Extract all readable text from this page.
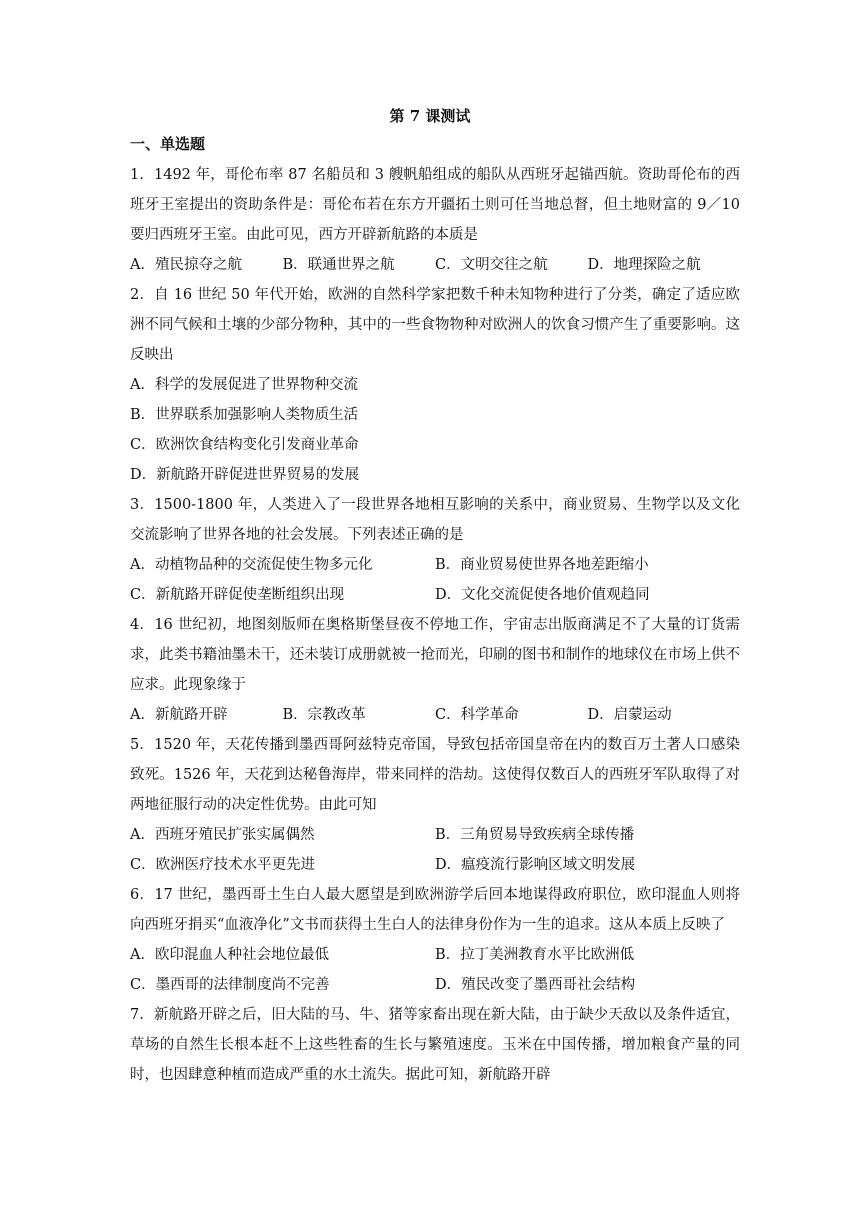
第 7 课测试
一、单选题
1．1492 年，哥伦布率 87 名船员和 3 艘帆船组成的船队从西班牙起锚西航。资助哥伦布的西班牙王室提出的资助条件是：哥伦布若在东方开疆拓土则可任当地总督，但土地财富的 9／10 要归西班牙王室。由此可见，西方开辟新航路的本质是
A．殖民掠夺之航	B．联通世界之航	C．文明交往之航	D．地理探险之航
2．自 16 世纪 50 年代开始，欧洲的自然科学家把数千种未知物种进行了分类，确定了适应欧洲不同气候和土壤的少部分物种，其中的一些食物物种对欧洲人的饮食习惯产生了重要影响。这反映出
A．科学的发展促进了世界物种交流
B．世界联系加强影响人类物质生活
C．欧洲饮食结构变化引发商业革命
D．新航路开辟促进世界贸易的发展
3．1500-1800 年，人类进入了一段世界各地相互影响的关系中，商业贸易、生物学以及文化交流影响了世界各地的社会发展。下列表述正确的是
A．动植物品种的交流促使生物多元化	B．商业贸易使世界各地差距缩小
C．新航路开辟促使垄断组织出现	D．文化交流促使各地价值观趋同
4．16 世纪初，地图刻版师在奥格斯堡昼夜不停地工作，宇宙志出版商满足不了大量的订货需求，此类书籍油墨未干，还未装订成册就被一抢而光，印刷的图书和制作的地球仪在市场上供不应求。此现象缘于
A．新航路开辟	B．宗教改革	C．科学革命	D．启蒙运动
5．1520 年，天花传播到墨西哥阿兹特克帝国，导致包括帝国皇帝在内的数百万土著人口感染致死。1526 年，天花到达秘鲁海岸，带来同样的浩劫。这使得仅数百人的西班牙军队取得了对两地征服行动的决定性优势。由此可知
A．西班牙殖民扩张实属偶然	B．三角贸易导致疾病全球传播
C．欧洲医疗技术水平更先进	D．瘟疫流行影响区域文明发展
6．17 世纪，墨西哥土生白人最大愿望是到欧洲游学后回本地谋得政府职位，欧印混血人则将向西班牙捐买“血液净化”文书而获得土生白人的法律身份作为一生的追求。这从本质上反映了
A．欧印混血人种社会地位最低	B．拉丁美洲教育水平比欧洲低
C．墨西哥的法律制度尚不完善	D．殖民改变了墨西哥社会结构
7．新航路开辟之后，旧大陆的马、牛、猪等家畜出现在新大陆，由于缺少天敌以及条件适宜，草场的自然生长根本赶不上这些牲畜的生长与繁殖速度。玉米在中国传播，增加粮食产量的同时，也因肆意种植而造成严重的水土流失。据此可知，新航路开辟
